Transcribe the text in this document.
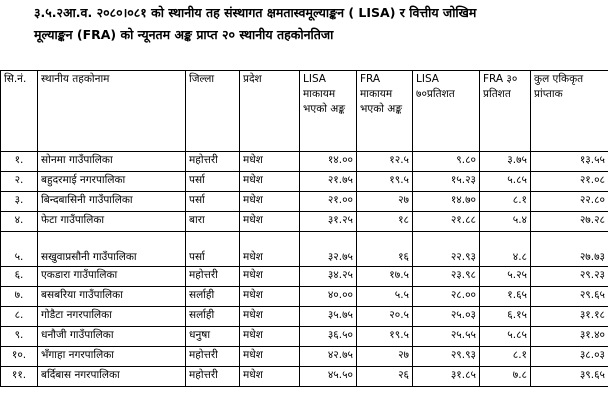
३.५.२आ.व. २०८०।०८१ को स्थानीय तह संस्थागत क्षमतास्वमूल्याङ्कन ( LISA) र वित्तीय जोखिम
मूल्याङ्कन (FRA) को न्यूनतम अङ्क प्राप्त २० स्थानीय तहकोनतिजा
सि.नं.	स्थानीय तहकोनाम	जिल्ला	प्रदेश	LISA माकायम भएको अङ्क	FRA माकायम भएको अङ्क	LISA ७०प्रतिशत	FRA ३० प्रतिशत	कुल एकिकृत प्रांप्ताक
१.	सोनमा गाउँपालिका	महोत्तरी	मधेश	१४.००	१२.५	९.८०	३.७५	१३.५५
२.	बहुदरमाई नगरपालिका	पर्सा	मधेश	२१.७५	१९.५	१५.२३	५.८५	२१.०८
३.	बिन्दबासिनी गाउँपालिका	पर्सा	मधेश	२१.००	२७	१४.७०	८.१	२२.८०
४.	फेटा गाउँपालिका	बारा	मधेश	३१.२५	१८	२१.८८	५.४	२७.२८
५.	सखुवाप्रसौनी गाउँपालिका	पर्सा	मधेश	३२.७५	१६	२२.९३	४.८	२७.७३
६.	एकडारा गाउँपालिका	महोत्तरी	मधेश	३४.२५	१७.५	२३.९८	५.२५	२९.२३
७.	बसबरिया गाउँपालिका	सर्लाही	मधेश	४०.००	५.५	२८.००	१.६५	२९.६५
८.	गोडैटा नगरपालिका	सर्लाही	मधेश	३५.७५	२०.५	२५.०३	६.१५	३१.१८
९.	धनौजी गाउँपालिका	धनुषा	मधेश	३६.५०	१९.५	२५.५५	५.८५	३१.४०
१०.	भँगाहा नगरपालिका	महोत्तरी	मधेश	४२.७५	२७	२९.९३	८.१	३८.०३
११.	बर्दिबास नगरपालिका	महोत्तरी	मधेश	४५.५०	२६	३१.८५	७.८	३९.६५
